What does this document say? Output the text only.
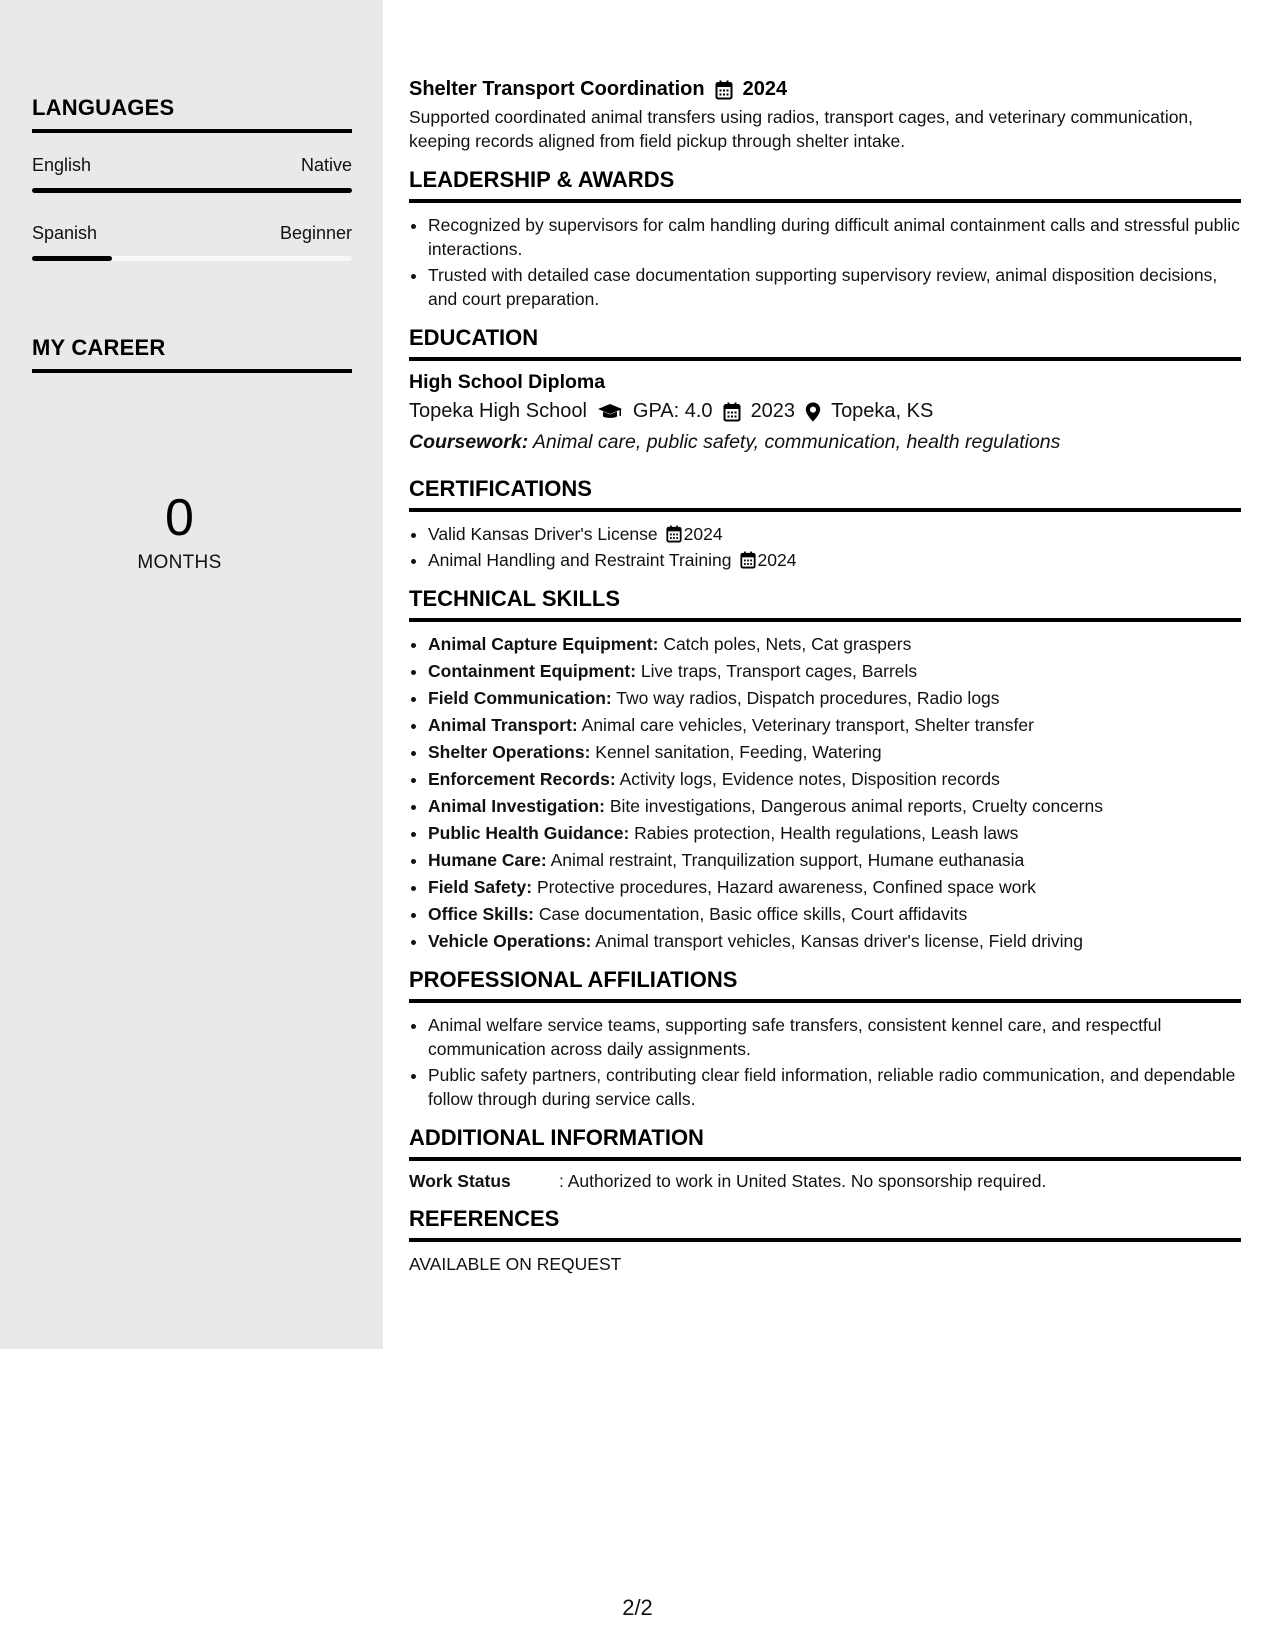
LANGUAGES
English	Native
Spanish	Beginner
MY CAREER
0
MONTHS
Shelter Transport Coordination 2024
Supported coordinated animal transfers using radios, transport cages, and veterinary communication, keeping records aligned from field pickup through shelter intake.
LEADERSHIP & AWARDS
• Recognized by supervisors for calm handling during difficult animal containment calls and stressful public interactions.
• Trusted with detailed case documentation supporting supervisory review, animal disposition decisions, and court preparation.
EDUCATION
High School Diploma
Topeka High School GPA: 4.0 2023 Topeka, KS
Coursework: Animal care, public safety, communication, health regulations
CERTIFICATIONS
• Valid Kansas Driver's License 2024
• Animal Handling and Restraint Training 2024
TECHNICAL SKILLS
• Animal Capture Equipment: Catch poles, Nets, Cat graspers
• Containment Equipment: Live traps, Transport cages, Barrels
• Field Communication: Two way radios, Dispatch procedures, Radio logs
• Animal Transport: Animal care vehicles, Veterinary transport, Shelter transfer
• Shelter Operations: Kennel sanitation, Feeding, Watering
• Enforcement Records: Activity logs, Evidence notes, Disposition records
• Animal Investigation: Bite investigations, Dangerous animal reports, Cruelty concerns
• Public Health Guidance: Rabies protection, Health regulations, Leash laws
• Humane Care: Animal restraint, Tranquilization support, Humane euthanasia
• Field Safety: Protective procedures, Hazard awareness, Confined space work
• Office Skills: Case documentation, Basic office skills, Court affidavits
• Vehicle Operations: Animal transport vehicles, Kansas driver's license, Field driving
PROFESSIONAL AFFILIATIONS
• Animal welfare service teams, supporting safe transfers, consistent kennel care, and respectful communication across daily assignments.
• Public safety partners, contributing clear field information, reliable radio communication, and dependable follow through during service calls.
ADDITIONAL INFORMATION
Work Status	: Authorized to work in United States. No sponsorship required.
REFERENCES
AVAILABLE ON REQUEST
2/2
